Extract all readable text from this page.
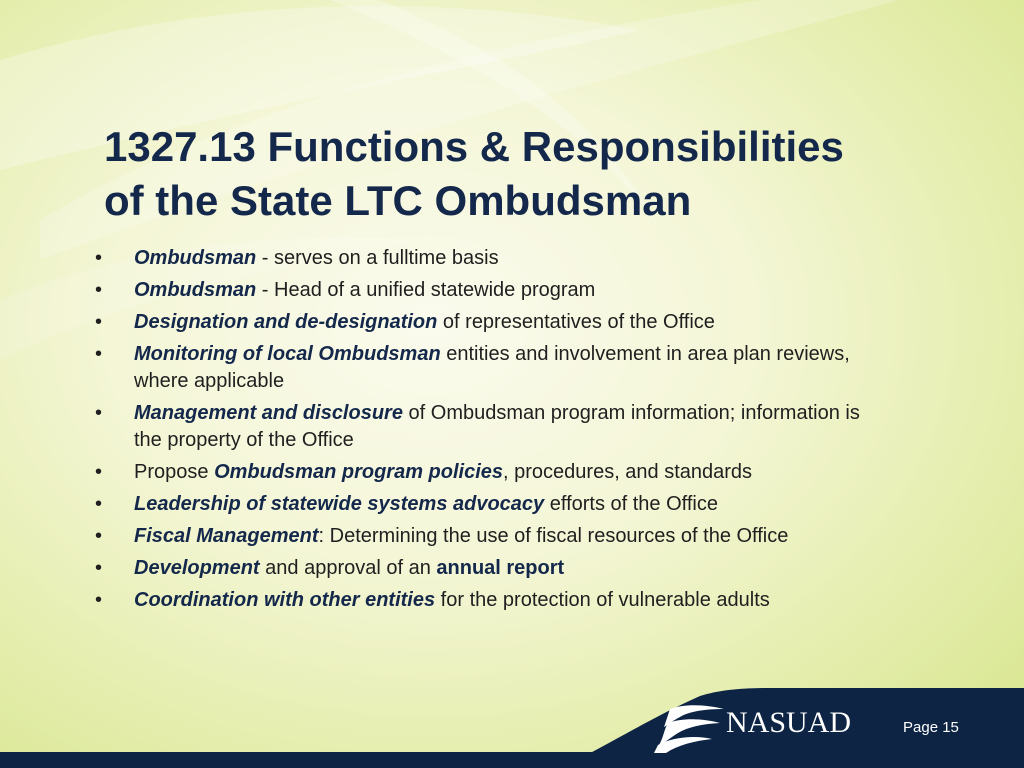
1327.13 Functions & Responsibilities
of the State LTC Ombudsman
• Ombudsman - serves on a fulltime basis
• Ombudsman - Head of a unified statewide program
• Designation and de-designation of representatives of the Office
• Monitoring of local Ombudsman entities and involvement in area plan reviews, where applicable
• Management and disclosure of Ombudsman program information; information is the property of the Office
• Propose Ombudsman program policies, procedures, and standards
• Leadership of statewide systems advocacy efforts of the Office
• Fiscal Management: Determining the use of fiscal resources of the Office
• Development and approval of an annual report
• Coordination with other entities for the protection of vulnerable adults
NASUAD	Page 15
